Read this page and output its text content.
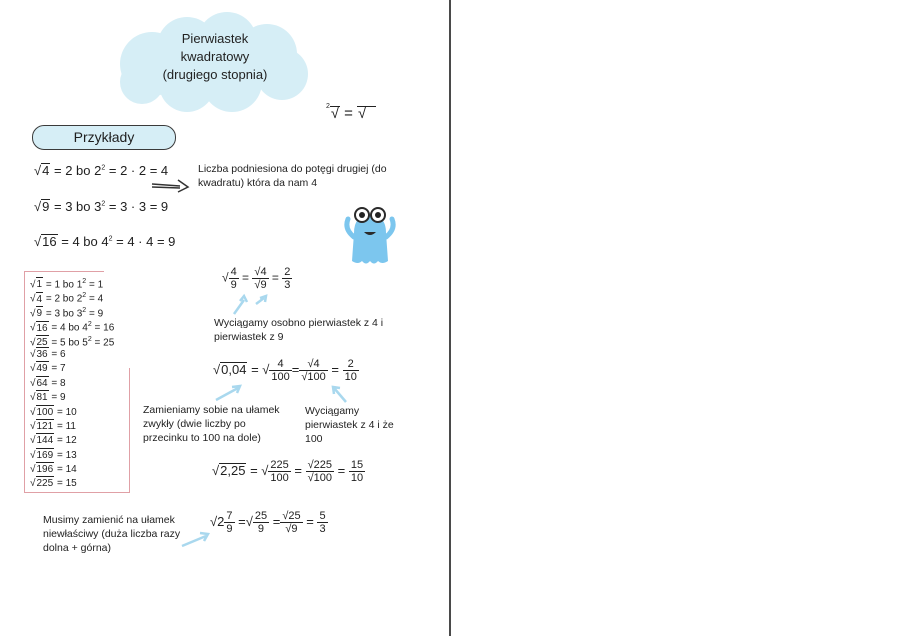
Pierwiastek
kwadratowy
(drugiego stopnia)
$^2$√ = √
Przykłady
√4 = 2 bo $2^2 = 2 \cdot 2 = 4$
√9 = 3 bo $3^2 = 3 \cdot 3 = 9$
√16 = 4 bo $4^2 = 4 \cdot 4 = 9$
Liczba podniesiona do potęgi drugiej (do kwadratu) która da nam 4
√1 = 1 bo $1^2 = 1$
√4 = 2 bo $2^2 = 4$
√9 = 3 bo $3^2 = 9$
√16 = 4 bo $4^2 = 16$
√25 = 5 bo $5^2 = 25$
√36 = 6
√49 = 7
√64 = 8
√81 = 9
√100 = 10
√121 = 11
√144 = 12
√169 = 13
√196 = 14
√225 = 15
√ $\frac{4}{9} = \frac{√4}{√9} = \frac{2}{3}$
Wyciągamy osobno pierwiastek z 4 i pierwiastek z 9
√0,04 = √ $\frac{4}{100} = \frac{√4}{√100} = \frac{2}{10}$
Zamieniamy sobie na ułamek zwykły (dwie liczby po przecinku to 100 na dole)
Wyciągamy pierwiastek z 4 i że 100
√2,25 = √ $\frac{225}{100} = \frac{√225}{√100} = \frac{15}{10}$
$√2 \frac{7}{9}$ =√ $\frac{25}{9} = \frac{√25}{√9} = \frac{5}{3}$
Musimy zamienić na ułamek niewłaściwy (duża liczba razy dolna + górna)
